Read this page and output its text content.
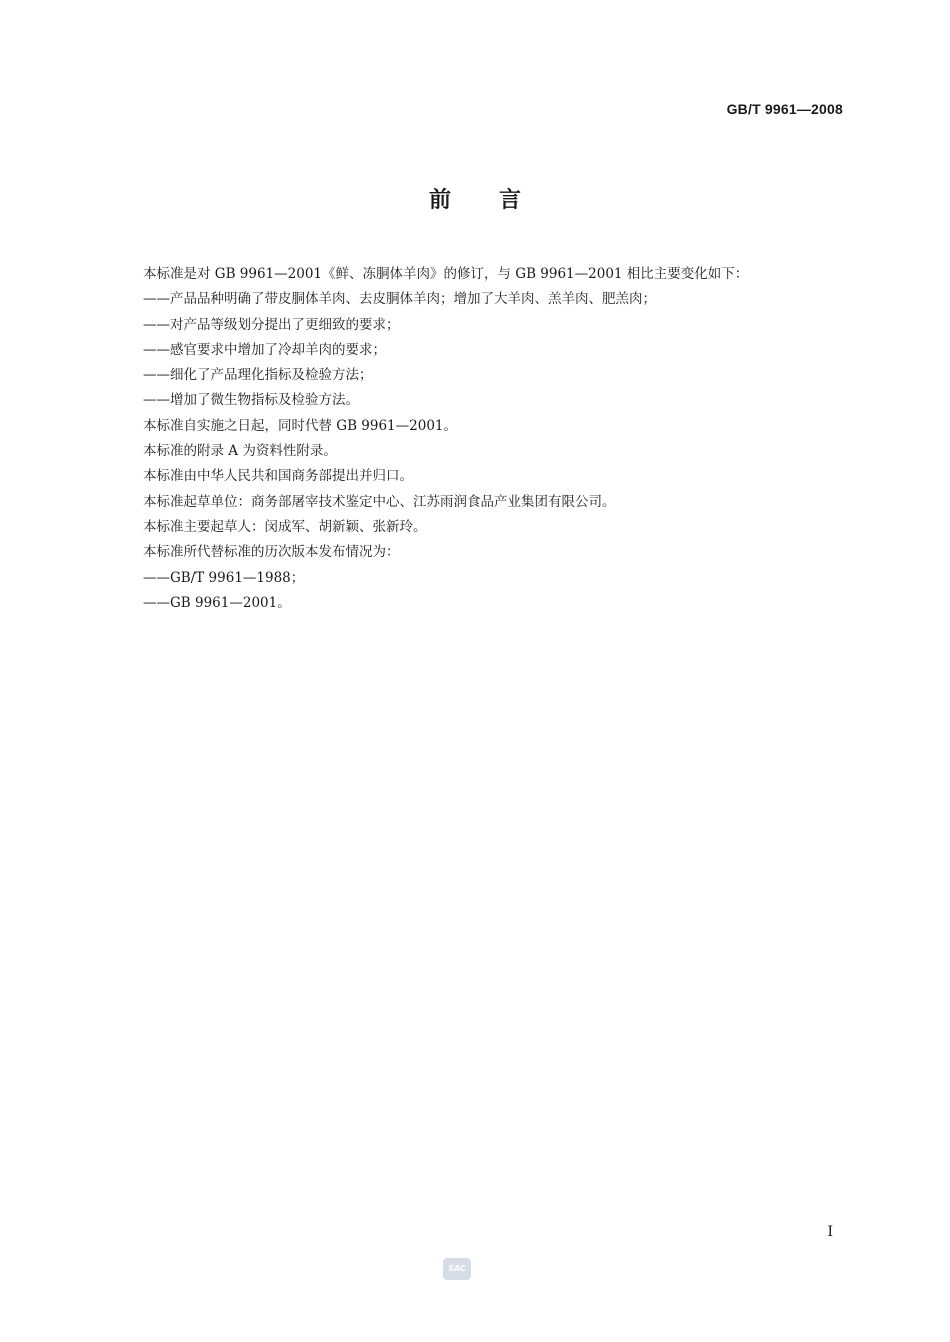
GB/T 9961—2008
前言
本标准是对 GB 9961—2001《鲜、冻胴体羊肉》的修订，与 GB 9961—2001 相比主要变化如下：
——产品品种明确了带皮胴体羊肉、去皮胴体羊肉；增加了大羊肉、羔羊肉、肥羔肉；
——对产品等级划分提出了更细致的要求；
——感官要求中增加了冷却羊肉的要求；
——细化了产品理化指标及检验方法；
——增加了微生物指标及检验方法。
本标准自实施之日起，同时代替 GB 9961—2001。
本标准的附录 A 为资料性附录。
本标准由中华人民共和国商务部提出并归口。
本标准起草单位：商务部屠宰技术鉴定中心、江苏雨润食品产业集团有限公司。
本标准主要起草人：闵成军、胡新颖、张新玲。
本标准所代替标准的历次版本发布情况为：
——GB/T 9961—1988；
——GB 9961—2001。
I
SAC
